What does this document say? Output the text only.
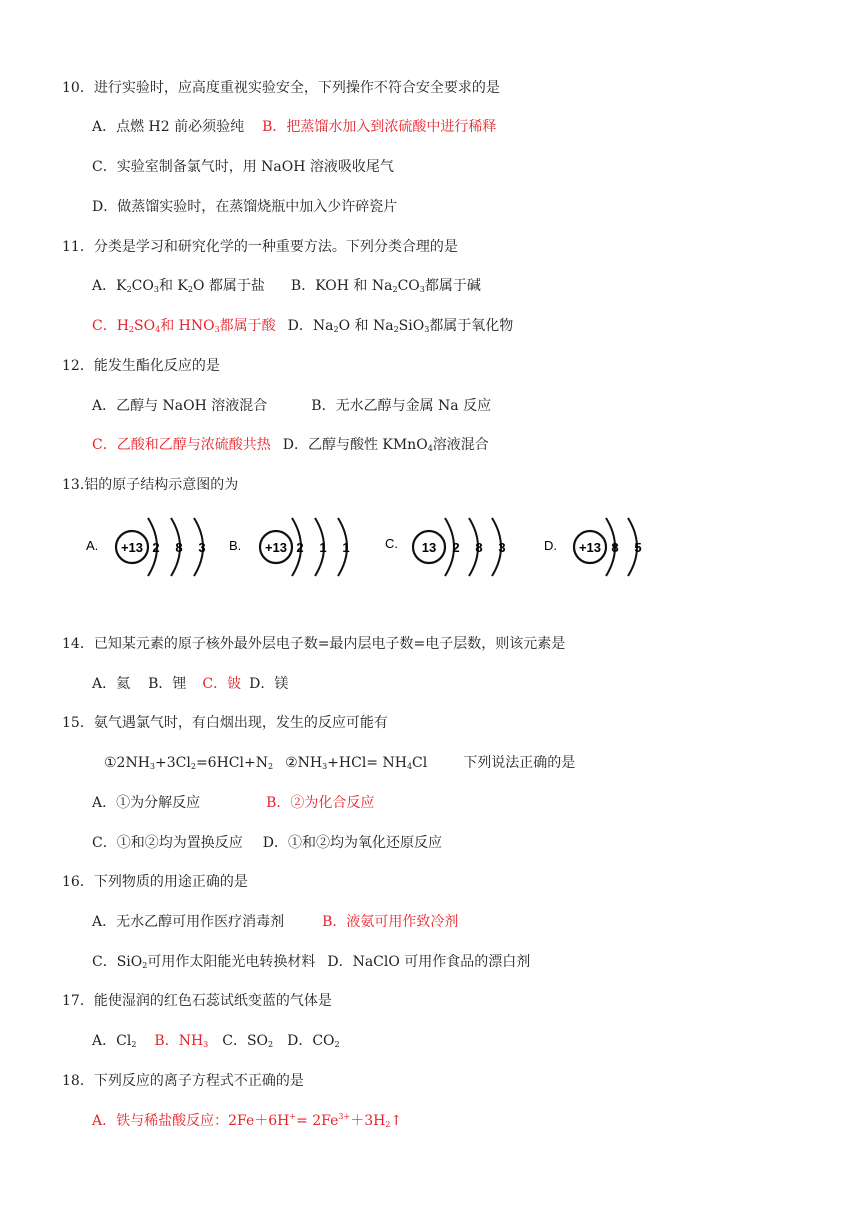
10．进行实验时，应高度重视实验安全，下列操作不符合安全要求的是
A．点燃 H2 前必须验纯 B．把蒸馏水加入到浓硫酸中进行稀释
C．实验室制备氯气时，用 NaOH 溶液吸收尾气
D．做蒸馏实验时，在蒸馏烧瓶中加入少许碎瓷片
11．分类是学习和研究化学的一种重要方法。下列分类合理的是
A．$K_2CO_3$和 $K_2O$ 都属于盐 B．KOH 和 $Na_2CO_3$都属于碱
C．$H_2SO_4$和 $HNO_3$都属于酸 D．$Na_2O$ 和 $Na_2SiO_3$都属于氧化物
12．能发生酯化反应的是
A．乙醇与 NaOH 溶液混合	B．无水乙醇与金属 Na 反应
C．乙酸和乙醇与浓硫酸共热 D．乙醇与酸性 KMnO$_4$溶液混合
13.铝的原子结构示意图的为
A. +13 2 8 3 B. +13 2 1 1	C. 13 2 8 3	D. +13 8 5
14．已知某元素的原子核外最外层电子数=最内层电子数=电子层数，则该元素是
A．氦 B．锂 C．铍 D．镁
15．氨气遇氯气时，有白烟出现，发生的反应可能有
$①2NH_3+3Cl_2=6HCl+N_2$ $②NH_3+HCl= NH_4Cl$	下列说法正确的是
A．①为分解反应	B．②为化合反应
C．①和②均为置换反应 D．①和②均为氧化还原反应
16．下列物质的用途正确的是
A．无水乙醇可用作医疗消毒剂	B．液氨可用作致冷剂
C．SiO$_2$可用作太阳能光电转换材料 D．NaClO 可用作食品的漂白剂
17．能使湿润的红色石蕊试纸变蓝的气体是
A．$Cl_2$ B．$NH_3$ C．$SO_2$ D．$CO_2$
18．下列反应的离子方程式不正确的是
A．铁与稀盐酸反应：$2Fe+6H^+= 2Fe^{3+}+3H_2↑$
